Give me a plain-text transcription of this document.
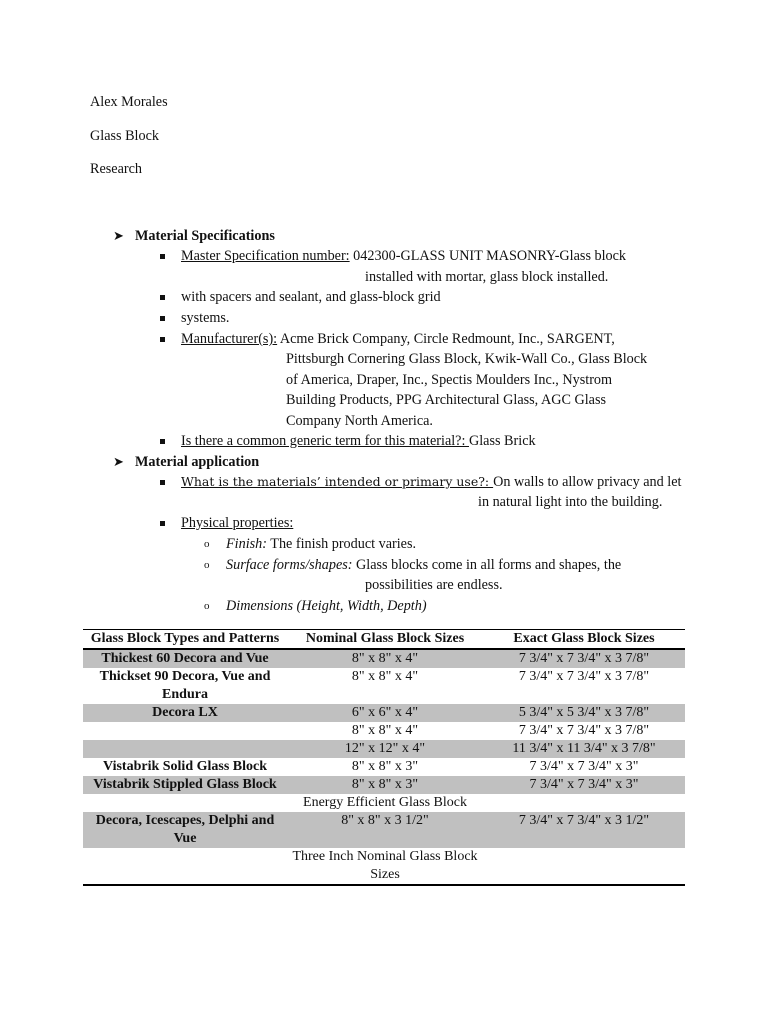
Alex Morales
Glass Block
Research
➤ Material Specifications
Master Specification number: 042300-GLASS UNIT MASONRY-Glass block
installed with mortar, glass block installed.
with spacers and sealant, and glass-block grid
systems.
Manufacturer(s): Acme Brick Company, Circle Redmount, Inc., SARGENT,
Pittsburgh Cornering Glass Block, Kwik-Wall Co., Glass Block
of America, Draper, Inc., Spectis Moulders Inc., Nystrom
Building Products, PPG Architectural Glass, AGC Glass
Company North America.
Is there a common generic term for this material?: Glass Brick
➤ Material application
What is the materials’ intended or primary use?: On walls to allow privacy and let
in natural light into the building.
Physical properties:
o Finish: The finish product varies.
o Surface forms/shapes: Glass blocks come in all forms and shapes, the
possibilities are endless.
o Dimensions (Height, Width, Depth)
Glass Block Types and Patterns	Nominal Glass Block Sizes	Exact Glass Block Sizes
Thickest 60 Decora and Vue	8" x 8" x 4"	7 3/4" x 7 3/4" x 3 7/8"
Thickset 90 Decora, Vue and Endura	8" x 8" x 4"	7 3/4" x 7 3/4" x 3 7/8"
Decora LX	6" x 6" x 4"	5 3/4" x 5 3/4" x 3 7/8"
	8" x 8" x 4"	7 3/4" x 7 3/4" x 3 7/8"
	12" x 12" x 4"	11 3/4" x 11 3/4" x 3 7/8"
Vistabrik Solid Glass Block	8" x 8" x 3"	7 3/4" x 7 3/4" x 3"
Vistabrik Stippled Glass Block	8" x 8" x 3"	7 3/4" x 7 3/4" x 3"
	Energy Efficient Glass Block	
Decora, Icescapes, Delphi and Vue	8" x 8" x 3 1/2"	7 3/4" x 7 3/4" x 3 1/2"
	Three Inch Nominal Glass Block Sizes	
